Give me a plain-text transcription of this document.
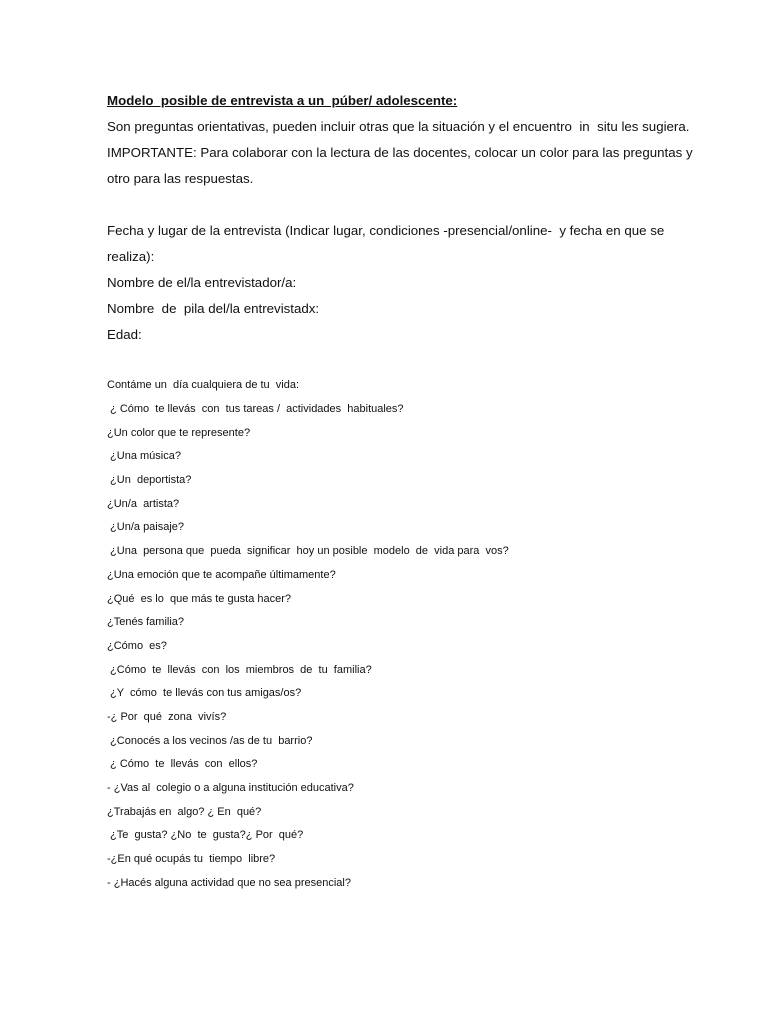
Modelo  posible de entrevista a un  púber/ adolescente:
Son preguntas orientativas, pueden incluir otras que la situación y el encuentro  in  situ les sugiera.
IMPORTANTE: Para colaborar con la lectura de las docentes, colocar un color para las preguntas y
otro para las respuestas.
Fecha y lugar de la entrevista (Indicar lugar, condiciones -presencial/online-  y fecha en que se
realiza):
Nombre de el/la entrevistador/a:
Nombre  de  pila del/la entrevistadx:
Edad:
Contáme un  día cualquiera de tu  vida:
¿ Cómo  te llevás  con  tus tareas /  actividades  habituales?
¿Un color que te represente?
¿Una música?
¿Un  deportista?
¿Un/a  artista?
¿Un/a paisaje?
¿Una  persona que  pueda  significar  hoy un posible  modelo  de  vida para  vos?
¿Una emoción que te acompañe últimamente?
¿Qué  es lo  que más te gusta hacer?
¿Tenés familia?
¿Cómo  es?
¿Cómo  te  llevás  con  los  miembros  de  tu  familia?
¿Y  cómo  te llevás con tus amigas/os?
-¿ Por  qué  zona  vivís?
¿Conocés a los vecinos /as de tu  barrio?
¿ Cómo  te  llevás  con  ellos?
- ¿Vas al  colegio o a alguna institución educativa?
¿Trabajás en  algo? ¿ En  qué?
¿Te  gusta? ¿No  te  gusta?¿ Por  qué?
-¿En qué ocupás tu  tiempo  libre?
- ¿Hacés alguna actividad que no sea presencial?
